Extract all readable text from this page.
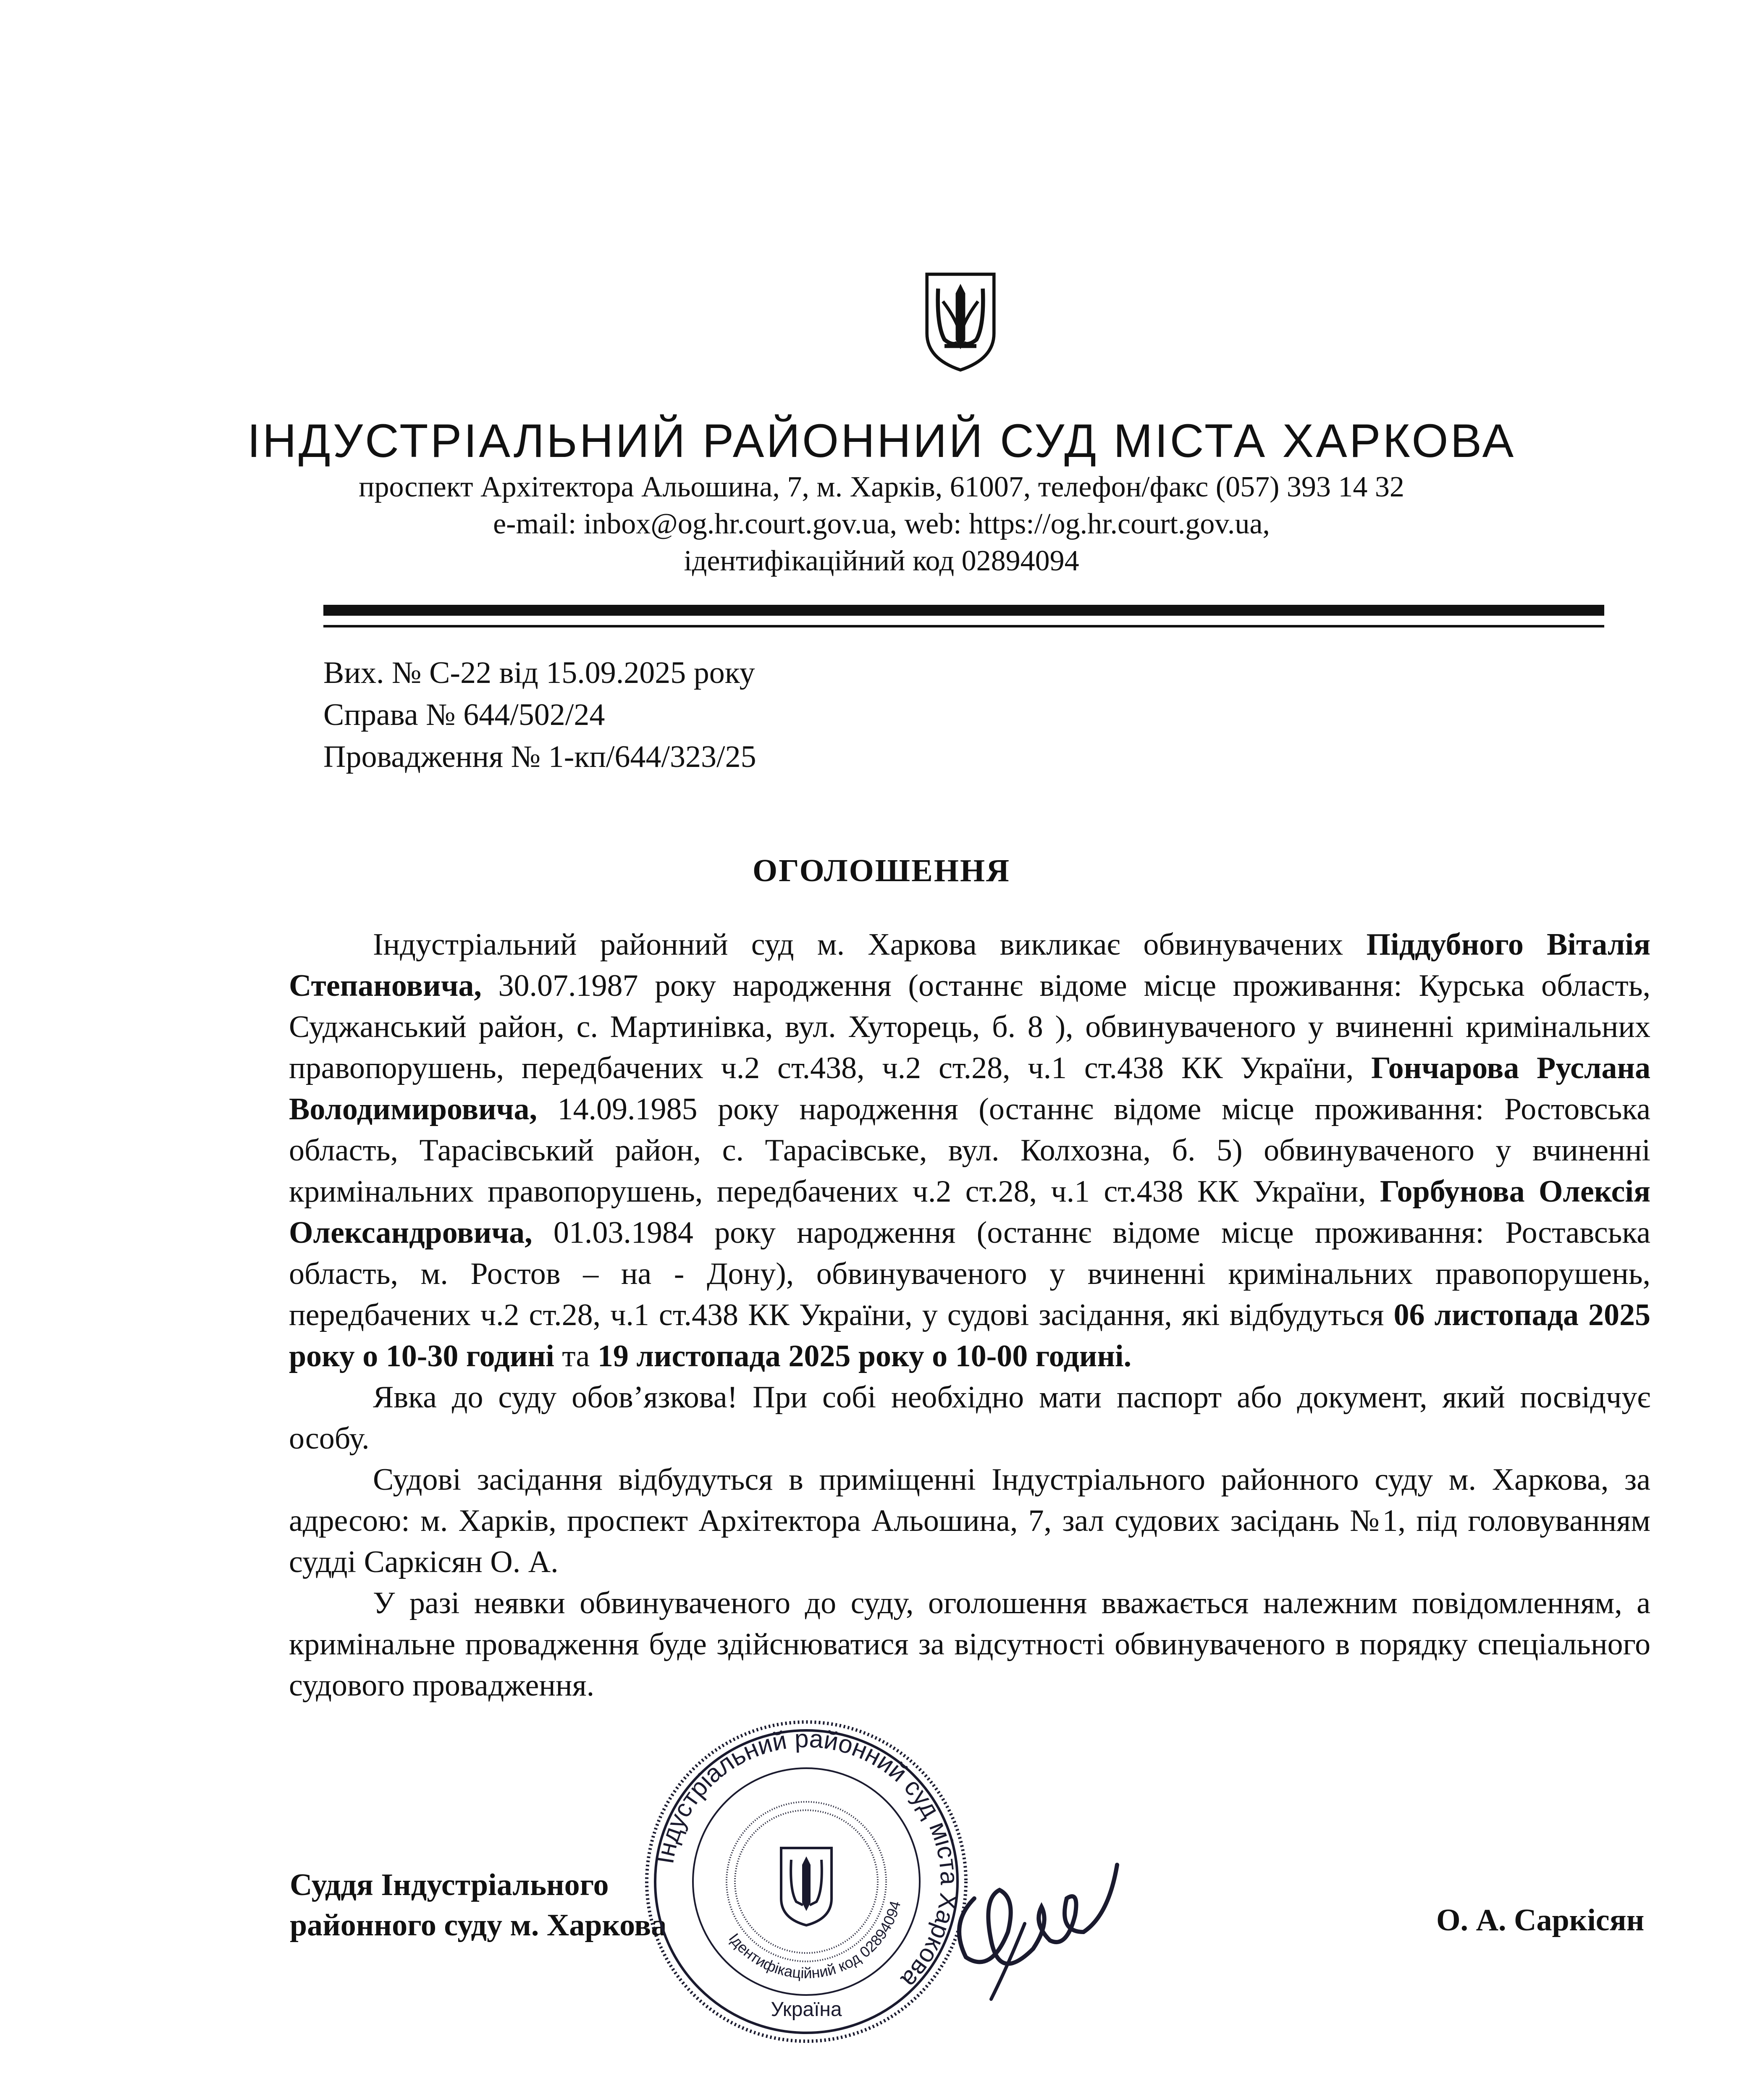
ІНДУСТРІАЛЬНИЙ РАЙОННИЙ СУД МІСТА ХАРКОВА
проспект Архітектора Альошина, 7, м. Харків, 61007, телефон/факс (057) 393 14 32
e-mail: inbox@og.hr.court.gov.ua, web: https://og.hr.court.gov.ua,
ідентифікаційний код 02894094
Вих. № С-22 від 15.09.2025 року
Справа № 644/502/24
Провадження № 1-кп/644/323/25
ОГОЛОШЕННЯ

Індустріальний районний суд м. Харкова викликає обвинувачених Піддубного Віталія Степановича, 30.07.1987 року народження (останнє відоме місце проживання: Курська область, Суджанський район, с. Мартинівка, вул. Хуторець, б. 8 ), обвинуваченого у вчиненні кримінальних правопорушень, передбачених ч.2 ст.438, ч.2 ст.28, ч.1 ст.438 КК України, Гончарова Руслана Володимировича, 14.09.1985 року народження (останнє відоме місце проживання: Ростовська область, Тарасівський район, с. Тарасівське, вул. Колхозна, б. 5) обвинуваченого у вчиненні кримінальних правопорушень, передбачених ч.2 ст.28, ч.1 ст.438 КК України, Горбунова Олексія Олександровича, 01.03.1984 року народження (останнє відоме місце проживання: Роставська область, м. Ростов – на - Дону), обвинуваченого у вчиненні кримінальних правопорушень, передбачених ч.2 ст.28, ч.1 ст.438 КК України, у судові засідання, які відбудуться 06 листопада 2025 року о 10-30 годині та 19 листопада 2025 року о 10-00 годині.

Явка до суду обов’язкова! При собі необхідно мати паспорт або документ, який посвідчує особу.

Судові засідання відбудуться в приміщенні Індустріального районного суду м. Харкова, за адресою: м. Харків, проспект Архітектора Альошина, 7, зал судових засідань №1, під головуванням судді Саркісян О. А.

У разі неявки обвинуваченого до суду, оголошення вважається належним повідомленням, а кримінальне провадження буде здійснюватися за відсутності обвинуваченого в порядку спеціального судового провадження.

Суддя Індустріального
районного суду м. Харкова	О. А. Саркісян
Індустріальний районний суд міста Харкова
Ідентифікаційний код 02894094
Україна
